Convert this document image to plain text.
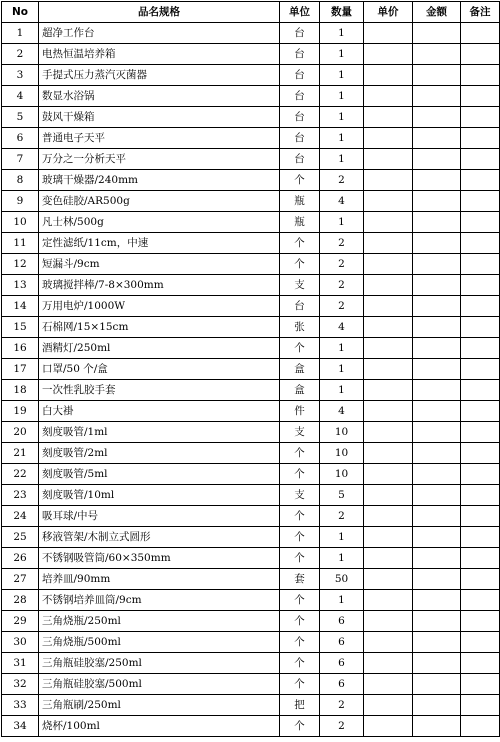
No	品名规格	单位	数量	单价	金额	备注
1	超净工作台	台	1			
2	电热恒温培养箱	台	1			
3	手提式压力蒸汽灭菌器	台	1			
4	数显水浴锅	台	1			
5	鼓风干燥箱	台	1			
6	普通电子天平	台	1			
7	万分之一分析天平	台	1			
8	玻璃干燥器/240mm	个	2			
9	变色硅胶/AR500g	瓶	4			
10	凡士林/500g	瓶	1			
11	定性滤纸/11cm，中速	个	2			
12	短漏斗/9cm	个	2			
13	玻璃搅拌棒/7-8×300mm	支	2			
14	万用电炉/1000W	台	2			
15	石棉网/15×15cm	张	4			
16	酒精灯/250ml	个	1			
17	口罩/50 个/盒	盒	1			
18	一次性乳胶手套	盒	1			
19	白大褂	件	4			
20	刻度吸管/1ml	支	10			
21	刻度吸管/2ml	个	10			
22	刻度吸管/5ml	个	10			
23	刻度吸管/10ml	支	5			
24	吸耳球/中号	个	2			
25	移液管架/木制立式圆形	个	1			
26	不锈钢吸管筒/60×350mm	个	1			
27	培养皿/90mm	套	50			
28	不锈钢培养皿筒/9cm	个	1			
29	三角烧瓶/250ml	个	6			
30	三角烧瓶/500ml	个	6			
31	三角瓶硅胶塞/250ml	个	6			
32	三角瓶硅胶塞/500ml	个	6			
33	三角瓶刷/250ml	把	2			
34	烧杯/100ml	个	2			
